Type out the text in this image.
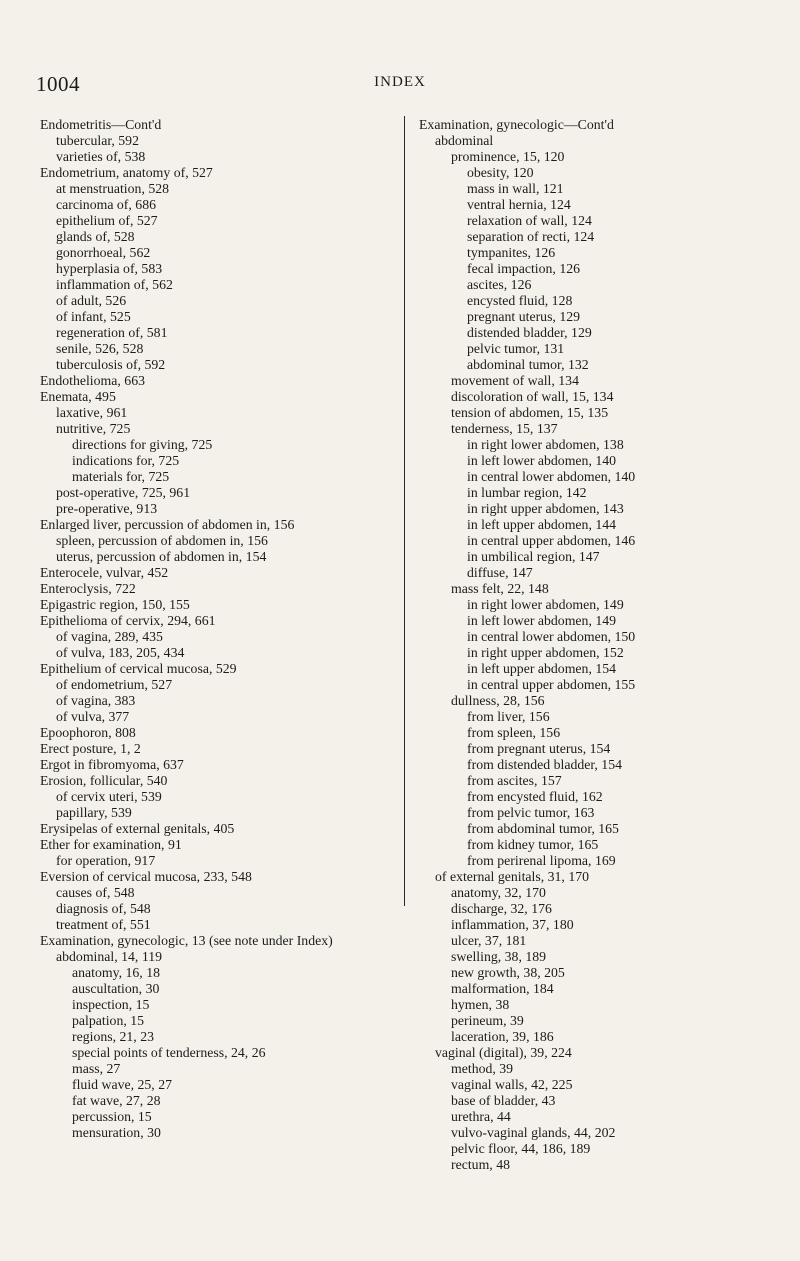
1004	INDEX
Endometritis—Cont'd
tubercular, 592
varieties of, 538
Endometrium, anatomy of, 527
at menstruation, 528
carcinoma of, 686
epithelium of, 527
glands of, 528
gonorrhoeal, 562
hyperplasia of, 583
inflammation of, 562
of adult, 526
of infant, 525
regeneration of, 581
senile, 526, 528
tuberculosis of, 592
Endothelioma, 663
Enemata, 495
laxative, 961
nutritive, 725
directions for giving, 725
indications for, 725
materials for, 725
post-operative, 725, 961
pre-operative, 913
Enlarged liver, percussion of abdomen in, 156
spleen, percussion of abdomen in, 156
uterus, percussion of abdomen in, 154
Enterocele, vulvar, 452
Enteroclysis, 722
Epigastric region, 150, 155
Epithelioma of cervix, 294, 661
of vagina, 289, 435
of vulva, 183, 205, 434
Epithelium of cervical mucosa, 529
of endometrium, 527
of vagina, 383
of vulva, 377
Epoophoron, 808
Erect posture, 1, 2
Ergot in fibromyoma, 637
Erosion, follicular, 540
of cervix uteri, 539
papillary, 539
Erysipelas of external genitals, 405
Ether for examination, 91
for operation, 917
Eversion of cervical mucosa, 233, 548
causes of, 548
diagnosis of, 548
treatment of, 551
Examination, gynecologic, 13 (see note under Index)
abdominal, 14, 119
anatomy, 16, 18
auscultation, 30
inspection, 15
palpation, 15
regions, 21, 23
special points of tenderness, 24, 26
mass, 27
fluid wave, 25, 27
fat wave, 27, 28
percussion, 15
mensuration, 30
Examination, gynecologic—Cont'd
abdominal
prominence, 15, 120
obesity, 120
mass in wall, 121
ventral hernia, 124
relaxation of wall, 124
separation of recti, 124
tympanites, 126
fecal impaction, 126
ascites, 126
encysted fluid, 128
pregnant uterus, 129
distended bladder, 129
pelvic tumor, 131
abdominal tumor, 132
movement of wall, 134
discoloration of wall, 15, 134
tension of abdomen, 15, 135
tenderness, 15, 137
in right lower abdomen, 138
in left lower abdomen, 140
in central lower abdomen, 140
in lumbar region, 142
in right upper abdomen, 143
in left upper abdomen, 144
in central upper abdomen, 146
in umbilical region, 147
diffuse, 147
mass felt, 22, 148
in right lower abdomen, 149
in left lower abdomen, 149
in central lower abdomen, 150
in right upper abdomen, 152
in left upper abdomen, 154
in central upper abdomen, 155
dullness, 28, 156
from liver, 156
from spleen, 156
from pregnant uterus, 154
from distended bladder, 154
from ascites, 157
from encysted fluid, 162
from pelvic tumor, 163
from abdominal tumor, 165
from kidney tumor, 165
from perirenal lipoma, 169
of external genitals, 31, 170
anatomy, 32, 170
discharge, 32, 176
inflammation, 37, 180
ulcer, 37, 181
swelling, 38, 189
new growth, 38, 205
malformation, 184
hymen, 38
perineum, 39
laceration, 39, 186
vaginal (digital), 39, 224
method, 39
vaginal walls, 42, 225
base of bladder, 43
urethra, 44
vulvo-vaginal glands, 44, 202
pelvic floor, 44, 186, 189
rectum, 48
